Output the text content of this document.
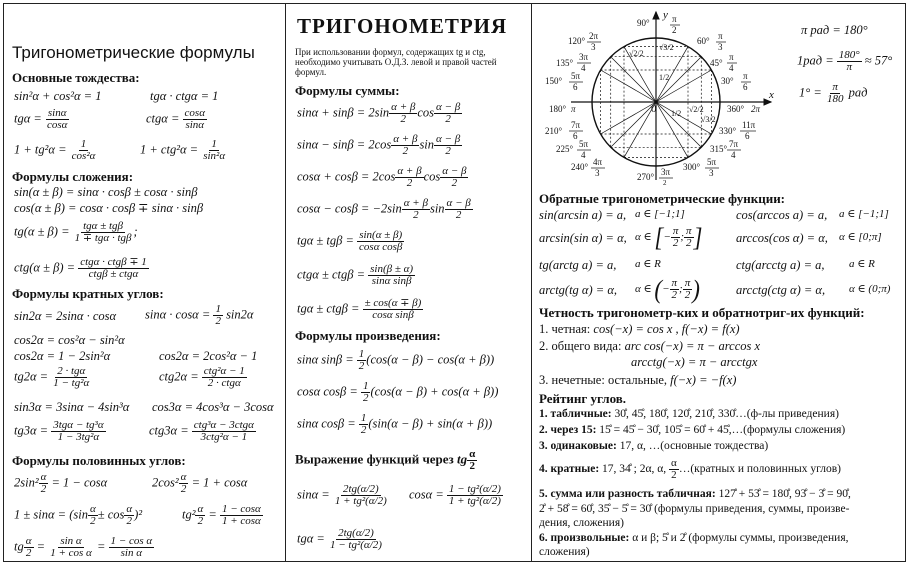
Тригонометрические формулы
Основные тождества:
sin²α + cos²α = 1	tgα · ctgα = 1
$tg\alpha = \frac{\sin\alpha}{\cos\alpha}$	$ctg\alpha = \frac{\cos\alpha}{\sin\alpha}$
$1 + tg^2\alpha = \frac{1}{\text{cos²α}}$	$1 + ctg^2\alpha = \frac{1}{\text{sin²α}}$
Формулы сложения:
sin(α ± β) = sinα · cosβ ± cosα · sinβ
cos(α ± β) = cosα · cosβ ∓ sinα · sinβ
tg(α ± β) = tgα ± tgβ
1 ∓ tgα · tgβ ;
ctg(α ± β) = ctgα · ctgβ ∓ 1
ctgβ ± ctgα
Формулы кратных углов:
sin2α = 2sinα · cosα $\sin\alpha \cdot \cos\alpha = \frac{1}{2} \sin 2\alpha$
cos2α = cos²α − sin²α
cos2α = 1 − 2sin²α	cos2α = 2cos²α − 1
tg2α = 2 · tgα
1 − tg²α	ctg2α = ctg²α − 1
2 · ctgα
sin3α = 3sinα − 4sin³α cos3α = 4cos³α − 3cosα
tg3α = 3tgα − tg³α
1 − 3tg²α	ctg3α = ctg³α − 3ctgα
3ctg²α − 1
Формулы половинных углов:
$2\sin^2 \frac{\alpha}{2} = 1 - \cos\alpha$	$2\cos^2 \frac{\alpha}{2} = 1 + \cos\alpha$
$1 \pm \sin\alpha = (\sin \frac{\alpha}{2} \pm \cos \frac{\alpha}{2} )^2$	$tg^2 \frac{\alpha}{2} = \frac{1 - \cos\alpha}{1 + \cos\alpha}$
tg $\frac{\alpha}{2} = \frac{\text{sin α}}{\text{1 + cos α}} = \frac{\text{1 − cos α}}{\text{sin α}}$
ТРИГОНОМЕТРИЯ
При использовании формул, содержащих tg и ctg, необходимо учитывать О.Д.З. левой и правой частей формул.
Формулы суммы:
$\sin\alpha + \sin\beta = 2\sin \frac{\alpha + \beta}{2}$ $\cos \frac{\alpha - \beta}{2}$
$\sin\alpha - \sin\beta = 2\cos \frac{\alpha + \beta}{2}$ $\sin \frac{\alpha - \beta}{2}$
$\cos\alpha + \cos\beta = 2\cos \frac{\alpha + \beta}{2}$ $\cos \frac{\alpha - \beta}{2}$
$\cos\alpha - \cos\beta = -2\sin \frac{\alpha + \beta}{2}$ $\sin \frac{\alpha - \beta}{2}$
$tg\alpha \pm tg\beta = \frac{\sin(\alpha \pm \beta)}{\text{cosα cosβ}}$
$ctg\alpha \pm ctg\beta = \frac{\sin(\beta \pm \alpha)}{\text{sinα sinβ}}$
$tg\alpha \pm ctg\beta = \frac{\pm \cos(\alpha \mp \beta)}{\text{cosα sinβ}}$
Формулы произведения:
sinα $\sin\beta = \frac{1}{2} (\cos(\alpha - \beta) - \cos(\alpha + \beta))$
cosα $\cos\beta = \frac{1}{2} (\cos(\alpha - \beta) + \cos(\alpha + \beta))$
sinα $\cos\beta = \frac{1}{2} (\sin(\alpha - \beta) + \sin(\alpha + \beta))$
Выражение функций через tg $\frac{\alpha}{2}$
$\sin\alpha = \frac{2tg(\alpha/2)}{\text{1 + tg²(α/2)}}$ $\cos\alpha = \frac{\text{1 − tg²(α/2)}}{\text{1 + tg²(α/2)}}$
$tg\alpha = \frac{2tg(\alpha/2)}{\text{1 − tg²(α/2)}}$
y
x
90° π
2
120° 2π
3
60° π
3
135°
3π
4	45°
π
4
150° 5π
6
30° π
6
180° π	0	360° 2π
210°
7π
6	330°
11π
6
225° 5π
4
315° 7π
4
240° 4π
3
300° 5π
3
270° 3π
2
1/2
√2/2
√3/2
1/2 √2/2
√3/2
π рад = 180°
$1рад = \frac{180^\circ}{\pi} \approx 57^\circ$
$1^\circ = \frac{\pi}{180}$ рад
Обратные тригонометрические функции:
sin(arcsin a) = a, a ∈ [−1;1]	cos(arccos a) = a, a ∈ [−1;1]
arcsin(sin α) = α, α ∈ [− $\frac{\pi}{2}$ ; $\frac{\pi}{2}$ ]	arccos(cos α) = α, α ∈ [0;π]
tg(arctg a) = a, a ∈ R	ctg(arcctg a) = a, a ∈ R
arctg(tg α) = α, α ∈ (− $\frac{\pi}{2}$ ; $\frac{\pi}{2}$ )	arcctg(ctg α) = α, α ∈ (0;π)
Четность тригонометр-ких и обратнотриг-их функций:
1. четная: cos(−x) = cos x , f(−x) = f(x)
2. общего вида: arc cos(−x) = π − arccos x
arcctg(−x) = π − arcctgx
3. нечетные: остальные, f(−x) = −f(x)
Рейтинг углов.
1. табличные: 30̊, 45̊, 180̊, 120̊, 210̊, 330̊…(ф-лы приведения)
2. через 15: 15̊ = 45̊ − 30̊, 105̊ = 60̊ + 45̊,…(формулы сложения)
3. одинаковые: 17, α, …(основные тождества)
4. кратные: 17, 34̊ ; 2α, α, $\frac{\alpha}{2}$ …(кратных и половинных углов)
5. сумма или разность табличная: 127̊ + 53̊ = 180̊, 93̊ − 3̊ = 90̊,
2̊ + 58̊ = 60̊, 35̊ − 5̊ = 30̊ (формулы приведения, суммы, произве-
дения, сложения)
6. произвольные: α и β; 5̊ и 2̊ (формулы суммы, произведения,
сложения)
